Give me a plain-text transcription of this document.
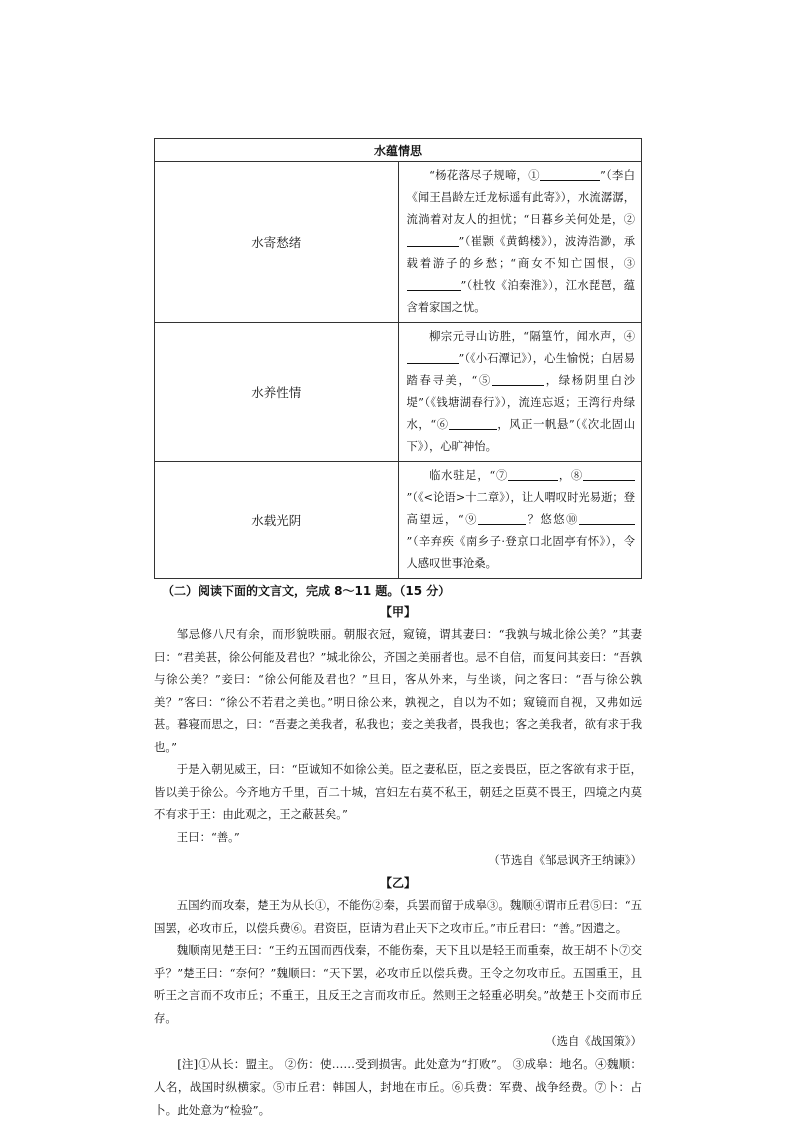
水蕴情思	
水寄愁绪	“杨花落尽子规啼，① ”（李白《闻王昌龄左迁龙标遥有此寄》），水流潺潺，流淌着对友人的担忧；“日暮乡关何处是，②”（崔颢《黄鹤楼》），波涛浩渺，承载着游子的乡愁；“商女不知亡国恨，③”（杜牧《泊秦淮》），江水琵琶，蕴含着家国之忧。
水养性情	柳宗元寻山访胜，“隔篁竹，闻水声，④”（《小石潭记》），心生愉悦；白居易踏春寻美，“⑤ ，绿杨阴里白沙堤”（《钱塘湖春行》），流连忘返；王湾行舟绿水，“⑥ ，风正一帆悬”（《次北固山下》），心旷神怡。
水载光阴	临水驻足，“⑦ ，⑧”（《<论语>十二章》），让人喟叹时光易逝；登高望远，“⑨ ？悠悠⑩”（辛弃疾《南乡子·登京口北固亭有怀》），令人感叹世事沧桑。
（二）阅读下面的文言文，完成 8～11 题。（15 分）
【甲】

邹忌修八尺有余，而形貌昳丽。朝服衣冠，窥镜，谓其妻曰：“我孰与城北徐公美？”其妻曰：“君美甚，徐公何能及君也？”城北徐公，齐国之美丽者也。忌不自信，而复问其妾曰：“吾孰与徐公美？”妾曰：“徐公何能及君也？”旦日，客从外来，与坐谈，问之客曰：“吾与徐公孰美？”客曰：“徐公不若君之美也。”明日徐公来，孰视之，自以为不如；窥镜而自视，又弗如远甚。暮寝而思之，曰：“吾妻之美我者，私我也；妾之美我者，畏我也；客之美我者，欲有求于我也。”

于是入朝见威王，曰：“臣诚知不如徐公美。臣之妻私臣，臣之妾畏臣，臣之客欲有求于臣，皆以美于徐公。今齐地方千里，百二十城，宫妇左右莫不私王，朝廷之臣莫不畏王，四境之内莫不有求于王：由此观之，王之蔽甚矣。”

王曰：“善。”

（节选自《邹忌讽齐王纳谏》）

【乙】

五国约而攻秦，楚王为从长①，不能伤②秦，兵罢而留于成皋③。魏顺④谓市丘君⑤曰：“五国罢，必攻市丘，以偿兵费⑥。君资臣，臣请为君止天下之攻市丘。”市丘君曰：“善。”因遣之。

魏顺南见楚王曰：“王约五国而西伐秦，不能伤秦，天下且以是轻王而重秦，故王胡不卜⑦交乎？”楚王曰：“奈何？”魏顺曰：“天下罢，必攻市丘以偿兵费。王令之勿攻市丘。五国重王，且听王之言而不攻市丘；不重王，且反王之言而攻市丘。然则王之轻重必明矣。”故楚王卜交而市丘存。

（选自《战国策》）

[注]①从长：盟主。 ②伤：使……受到损害。此处意为“打败”。 ③成皋：地名。④魏顺：人名，战国时纵横家。⑤市丘君：韩国人，封地在市丘。⑥兵费：军费、战争经费。⑦卜：占卜。此处意为“检验”。
